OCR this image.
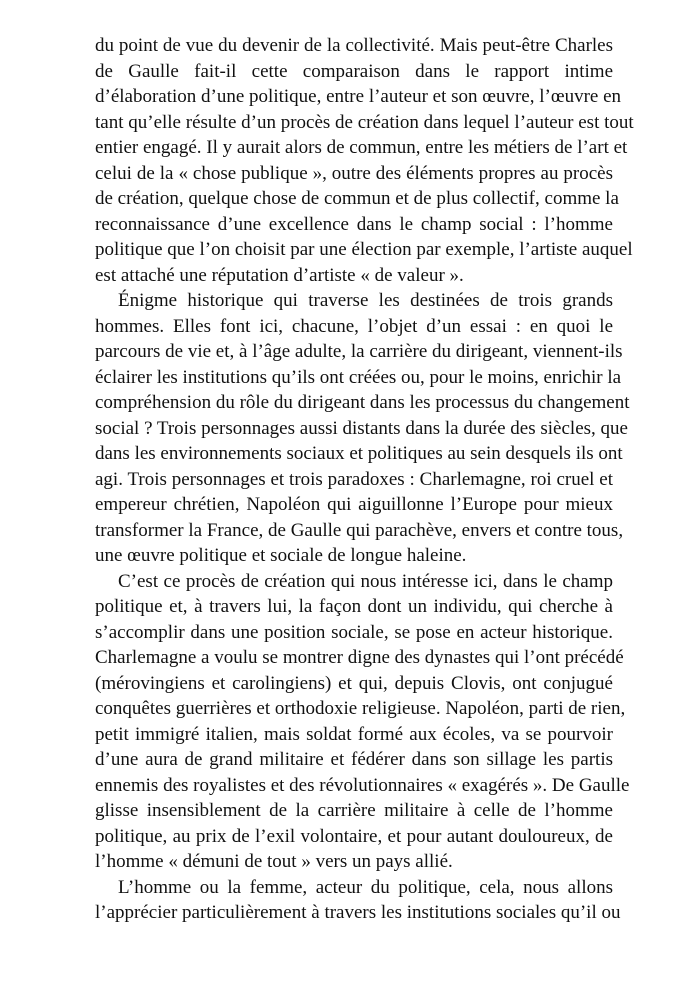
du point de vue du devenir de la collectivité. Mais peut-être Charles
de Gaulle fait-il cette comparaison dans le rapport intime
d’élaboration d’une politique, entre l’auteur et son œuvre, l’œuvre en
tant qu’elle résulte d’un procès de création dans lequel l’auteur est tout
entier engagé. Il y aurait alors de commun, entre les métiers de l’art et
celui de la « chose publique », outre des éléments propres au procès
de création, quelque chose de commun et de plus collectif, comme la
reconnaissance d’une excellence dans le champ social : l’homme
politique que l’on choisit par une élection par exemple, l’artiste auquel
est attaché une réputation d’artiste « de valeur ».
Énigme historique qui traverse les destinées de trois grands
hommes. Elles font ici, chacune, l’objet d’un essai : en quoi le
parcours de vie et, à l’âge adulte, la carrière du dirigeant, viennent-ils
éclairer les institutions qu’ils ont créées ou, pour le moins, enrichir la
compréhension du rôle du dirigeant dans les processus du changement
social ? Trois personnages aussi distants dans la durée des siècles, que
dans les environnements sociaux et politiques au sein desquels ils ont
agi. Trois personnages et trois paradoxes : Charlemagne, roi cruel et
empereur chrétien, Napoléon qui aiguillonne l’Europe pour mieux
transformer la France, de Gaulle qui parachève, envers et contre tous,
une œuvre politique et sociale de longue haleine.
C’est ce procès de création qui nous intéresse ici, dans le champ
politique et, à travers lui, la façon dont un individu, qui cherche à
s’accomplir dans une position sociale, se pose en acteur historique.
Charlemagne a voulu se montrer digne des dynastes qui l’ont précédé
(mérovingiens et carolingiens) et qui, depuis Clovis, ont conjugué
conquêtes guerrières et orthodoxie religieuse. Napoléon, parti de rien,
petit immigré italien, mais soldat formé aux écoles, va se pourvoir
d’une aura de grand militaire et fédérer dans son sillage les partis
ennemis des royalistes et des révolutionnaires « exagérés ». De Gaulle
glisse insensiblement de la carrière militaire à celle de l’homme
politique, au prix de l’exil volontaire, et pour autant douloureux, de
l’homme « démuni de tout » vers un pays allié.
L’homme ou la femme, acteur du politique, cela, nous allons
l’apprécier particulièrement à travers les institutions sociales qu’il ou
